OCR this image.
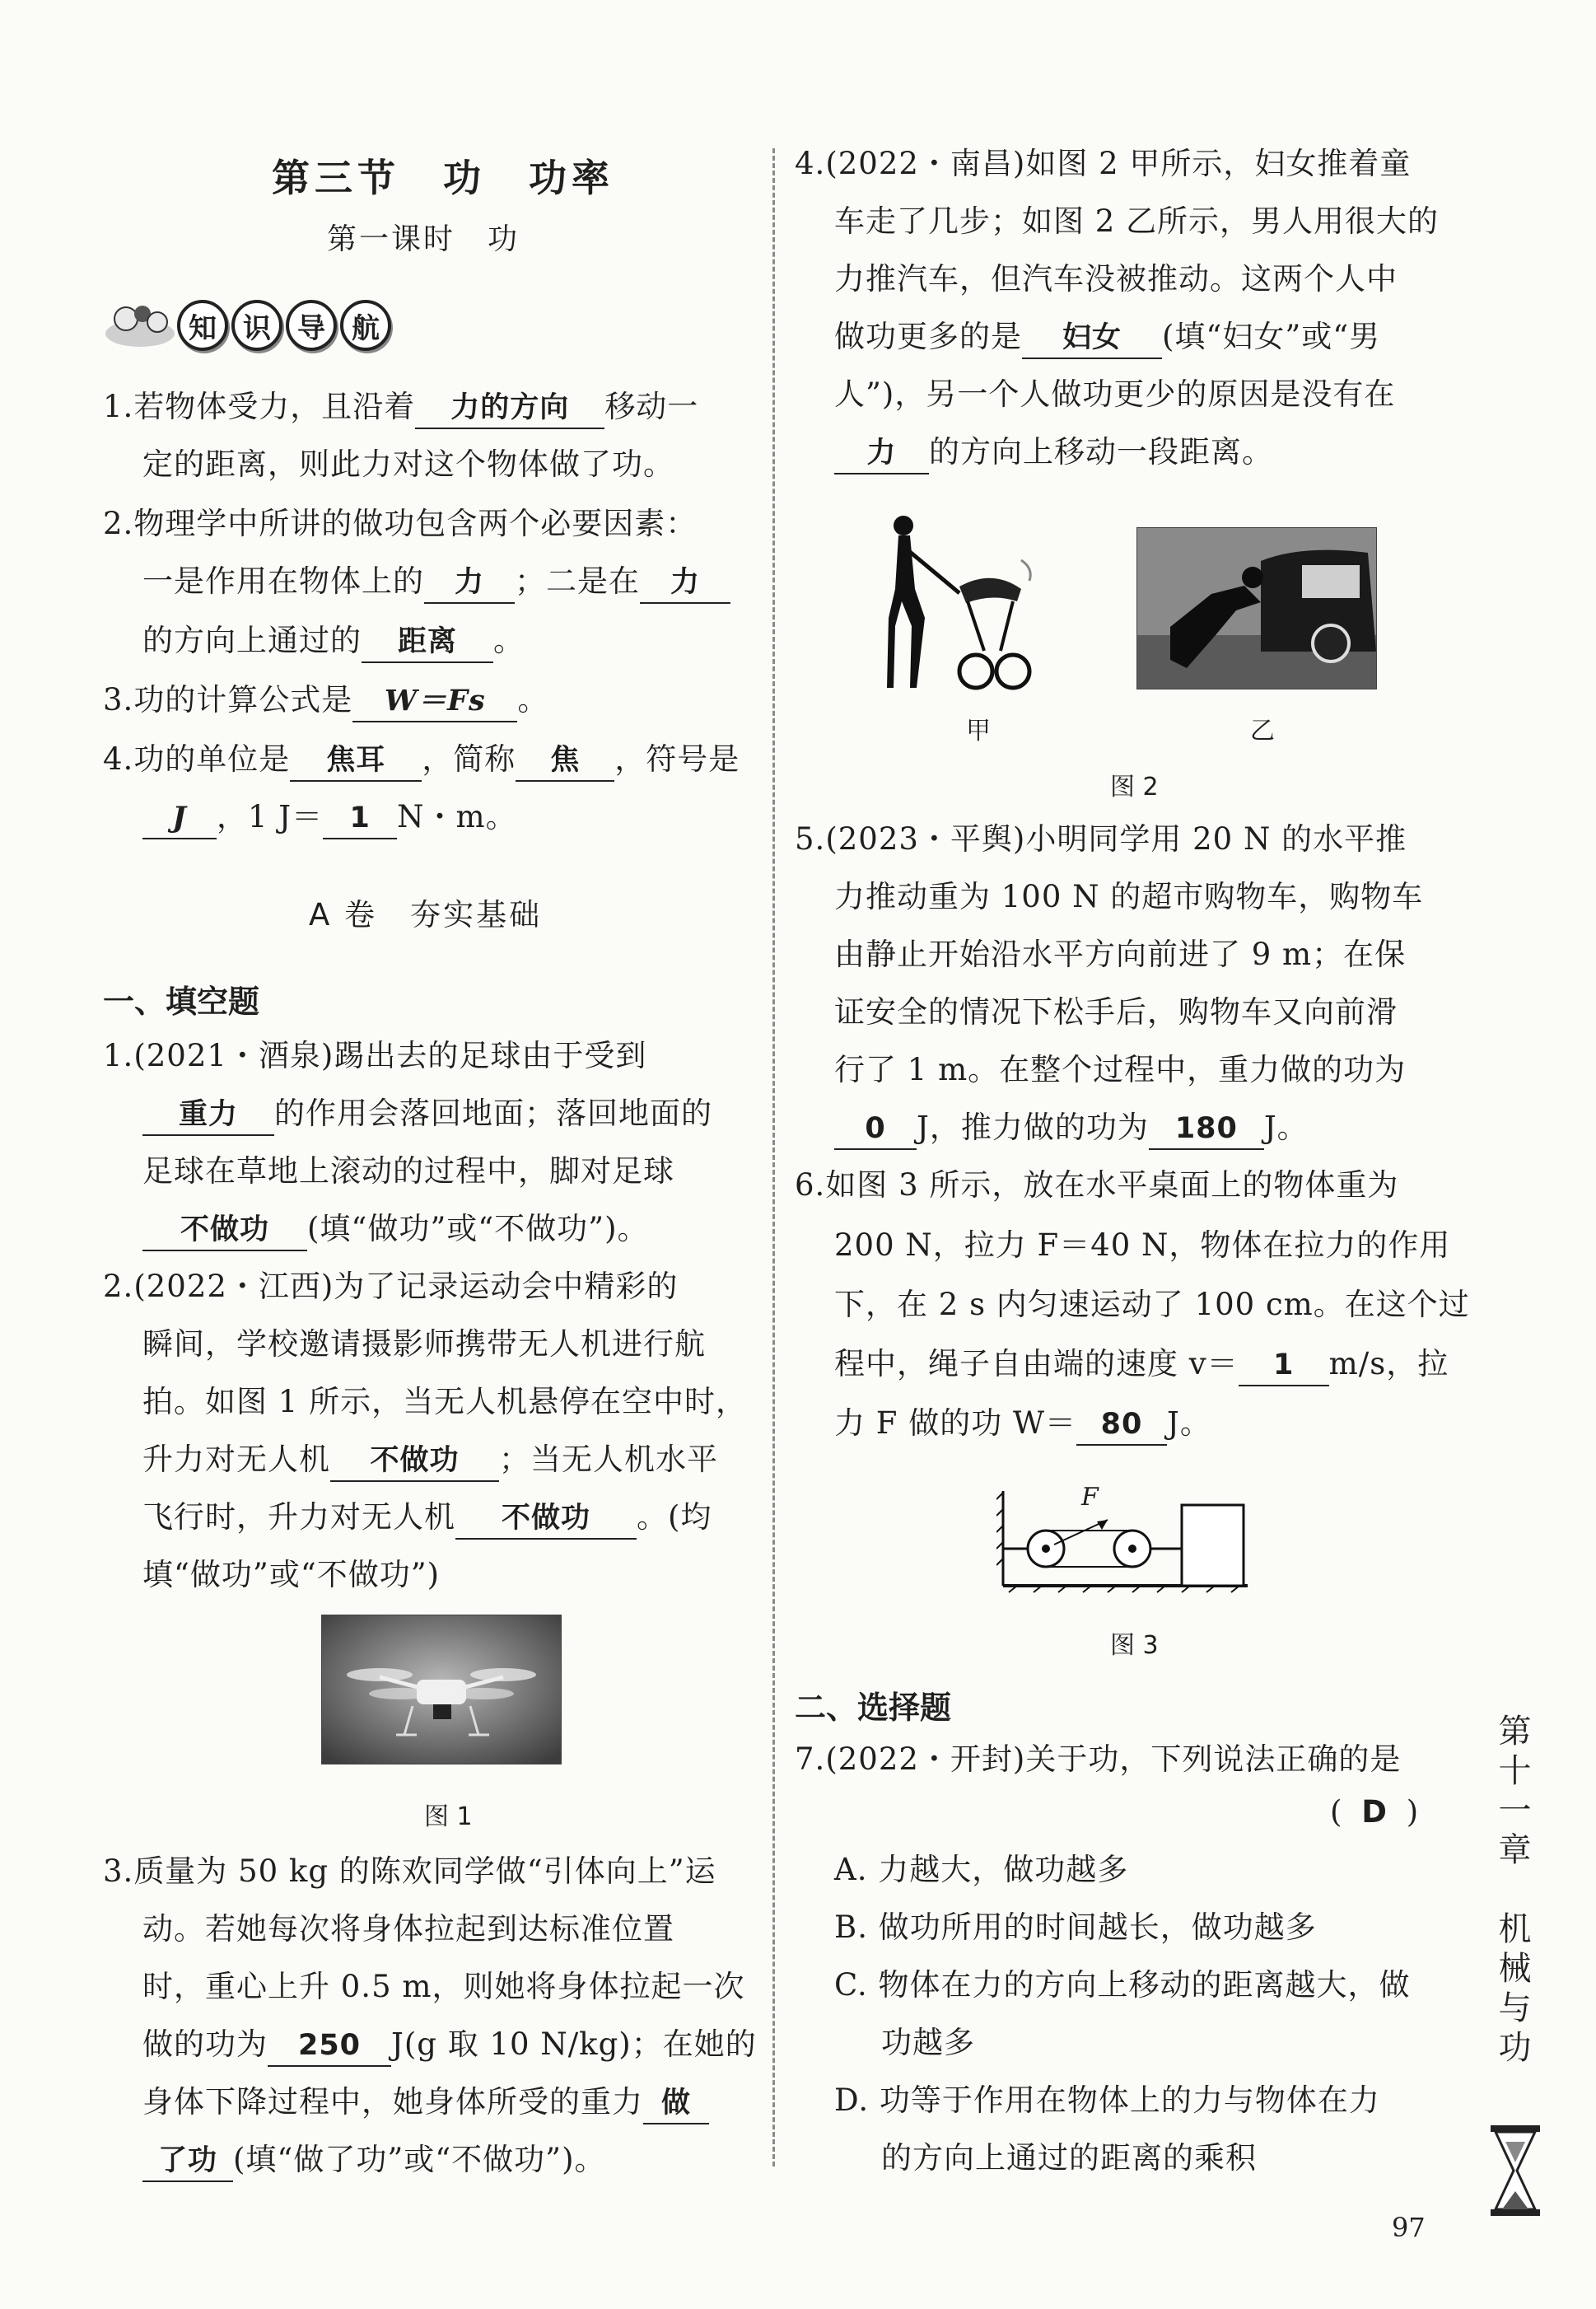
第三节　功　功率
第一课时　功
知 识 导 航
1.若物体受力，且沿着 力的方向 移动一
定的距离，则此力对这个物体做了功。
2.物理学中所讲的做功包含两个必要因素：
一是作用在物体上的 力 ；二是在 力
的方向上通过的 距离 。
3.功的计算公式是 W＝Fs 。
4.功的单位是 焦耳 ，简称 焦 ，符号是
J ，1 J＝ 1 N・m。
A 卷　夯实基础
一、填空题
1.(2021・酒泉)踢出去的足球由于受到
重力 的作用会落回地面；落回地面的
足球在草地上滚动的过程中，脚对足球
不做功 (填“做功”或“不做功”)。
2.(2022・江西)为了记录运动会中精彩的
瞬间，学校邀请摄影师携带无人机进行航
拍。如图 1 所示，当无人机悬停在空中时，
升力对无人机 不做功 ；当无人机水平
飞行时，升力对无人机 不做功 。(均
填“做功”或“不做功”)
图 1
3.质量为 50 kg 的陈欢同学做“引体向上”运
动。若她每次将身体拉起到达标准位置
时，重心上升 0.5 m，则她将身体拉起一次
做的功为 250 J(g 取 10 N/kg)；在她的
身体下降过程中，她身体所受的重力 做
了功 (填“做了功”或“不做功”)。
4.(2022・南昌)如图 2 甲所示，妇女推着童
车走了几步；如图 2 乙所示，男人用很大的
力推汽车，但汽车没被推动。这两个人中
做功更多的是 妇女 (填“妇女”或“男
人”)，另一个人做功更少的原因是没有在
力 的方向上移动一段距离。
甲	乙
图 2
5.(2023・平舆)小明同学用 20 N 的水平推
力推动重为 100 N 的超市购物车，购物车
由静止开始沿水平方向前进了 9 m；在保
证安全的情况下松手后，购物车又向前滑
行了 1 m。在整个过程中，重力做的功为
0 J，推力做的功为 180 J。
6.如图 3 所示，放在水平桌面上的物体重为
200 N，拉力 F＝40 N，物体在拉力的作用
下，在 2 s 内匀速运动了 100 cm。在这个过
程中，绳子自由端的速度 v＝ 1 m/s，拉
力 F 做的功 W＝ 80 J。
F
图 3
二、选择题
7.(2022・开封)关于功，下列说法正确的是
( D )
A. 力越大，做功越多
B. 做功所用的时间越长，做功越多
C. 物体在力的方向上移动的距离越大，做
功越多
D. 功等于作用在物体上的力与物体在力
的方向上通过的距离的乘积
第十一章
机械与功
97
